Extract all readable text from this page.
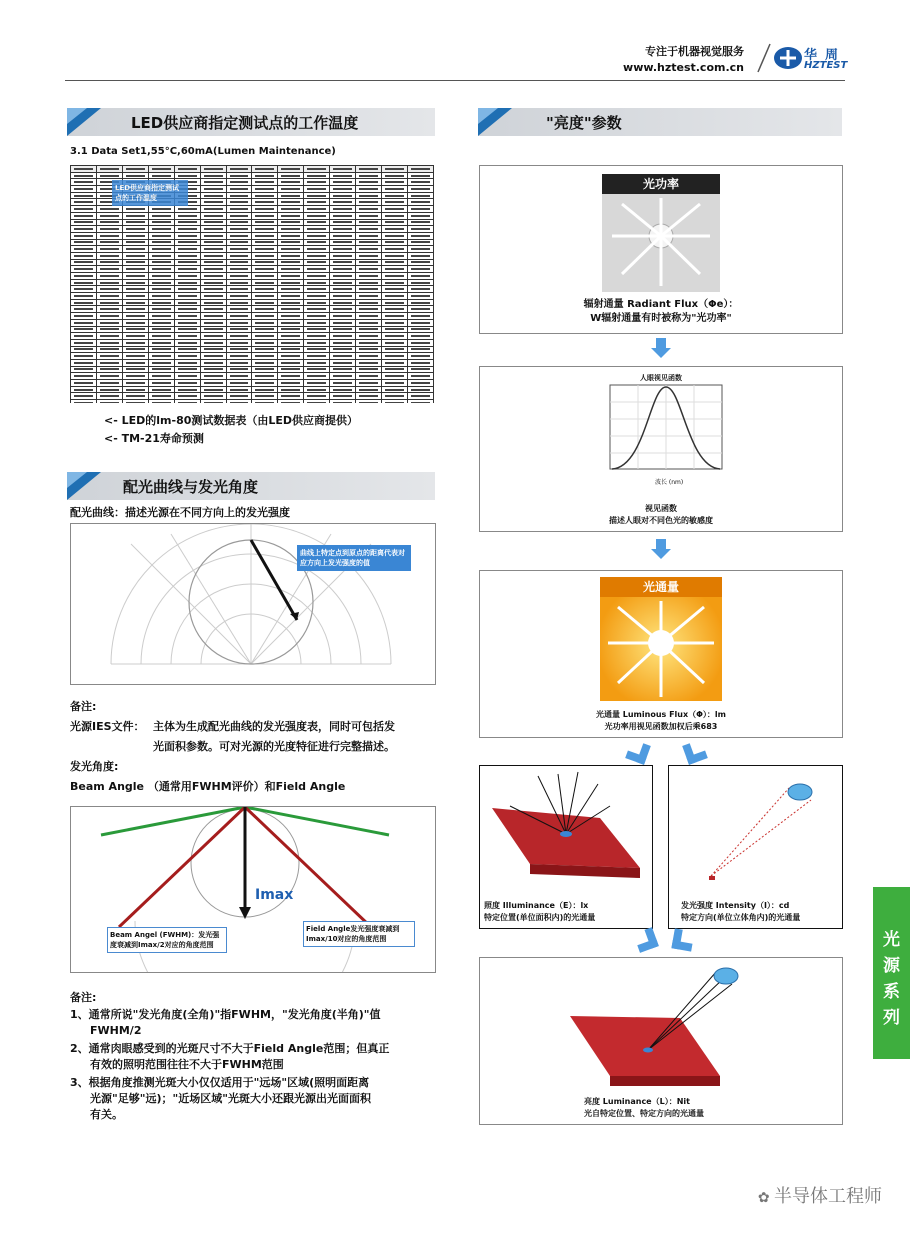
专注于机器视觉服务
www.hztest.com.cn
华周
HZTEST
LED供应商指定测试点的工作温度
3.1 Data Set1,55°C,60mA(Lumen Maintenance)

LED供应商指定测试点的工作温度
<- LED的lm-80测试数据表（由LED供应商提供）
<- TM-21寿命预测
配光曲线与发光角度
配光曲线：描述光源在不同方向上的发光强度
曲线上特定点到原点的距离代表对应方向上发光强度的值
备注:
光源IES文件： 主体为生成配光曲线的发光强度表，同时可包括发
光面积参数。可对光源的光度特征进行完整描述。
发光角度:
Beam Angle （通常用FWHM评价）和Field Angle
Imax
Beam Angel (FWHM)：发光强度衰减到Imax/2对应的角度范围
Field Angle发光强度衰减到Imax/10对应的角度范围
备注:
1、通常所说"发光角度(全角)"指FWHM，"发光角度(半角)"值
FWHM/2
2、通常肉眼感受到的光斑尺寸不大于Field Angle范围；但真正
有效的照明范围往往不大于FWHM范围
3、根据角度推测光斑大小仅仅适用于"远场"区域(照明面距离
光源"足够"远)；"近场区域"光斑大小还跟光源出光面面积
有关。
"亮度"参数
光功率
辐射通量 Radiant Flux（Φe）：
W辐射通量有时被称为"光功率"
人眼视见函数
波长 (nm)
视见函数
描述人眼对不同色光的敏感度
光通量
光通量 Luminous Flux（Φ）：lm
光功率用视见函数加权后乘683
照度 Illuminance（E）：lx
特定位置(单位面积内)的光通量
发光强度 Intensity（I）：cd
特定方向(单位立体角内)的光通量
亮度 Luminance（L）：Nit
光自特定位置、特定方向的光通量
光源系列
✿ 半导体工程师
